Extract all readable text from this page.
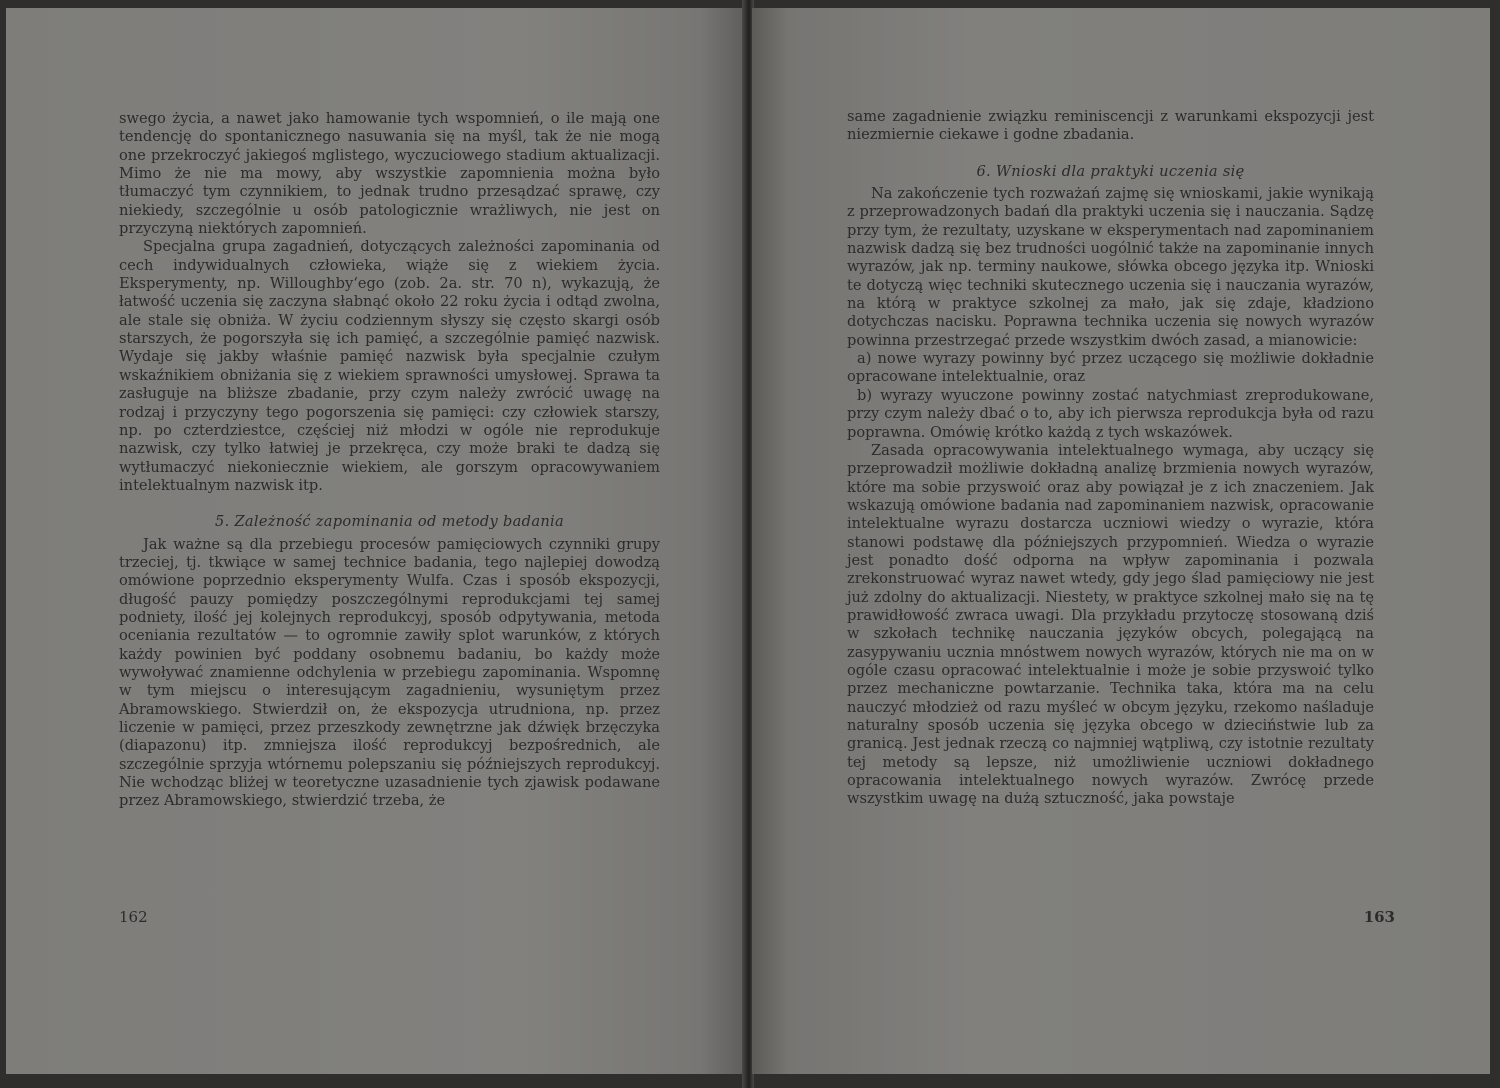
swego życia, a nawet jako hamowanie tych wspomnień, o ile mają one tendencję do spontanicznego nasuwania się na myśl, tak że nie mogą one przekroczyć jakiegoś mglistego, wyczuciowego stadium aktualizacji. Mimo że nie ma mowy, aby wszystkie zapomnienia można było tłumaczyć tym czynnikiem, to jednak trudno przesądzać sprawę, czy niekiedy, szczególnie u osób patologicznie wrażliwych, nie jest on przyczyną niektórych zapomnień.

Specjalna grupa zagadnień, dotyczących zależności zapominania od cech indywidualnych człowieka, wiąże się z wiekiem życia. Eksperymenty, np. Willoughby‘ego (zob. 2a. str. 70 n), wykazują, że łatwość uczenia się zaczyna słabnąć około 22 roku życia i odtąd zwolna, ale stale się obniża. W życiu codziennym słyszy się często skargi osób starszych, że pogorszyła się ich pamięć, a szczególnie pamięć nazwisk. Wydaje się jakby właśnie pamięć nazwisk była specjalnie czułym wskaźnikiem obniżania się z wiekiem sprawności umysłowej. Sprawa ta zasługuje na bliższe zbadanie, przy czym należy zwrócić uwagę na rodzaj i przyczyny tego pogorszenia się pamięci: czy człowiek starszy, np. po czterdziestce, częściej niż młodzi w ogóle nie reprodukuje nazwisk, czy tylko łatwiej je przekręca, czy może braki te dadzą się wytłumaczyć niekoniecznie wiekiem, ale gorszym opracowywaniem intelektualnym nazwisk itp.

5. Zależność zapominania od metody badania

Jak ważne są dla przebiegu procesów pamięciowych czynniki grupy trzeciej, tj. tkwiące w samej technice badania, tego najlepiej dowodzą omówione poprzednio eksperymenty Wulfa. Czas i sposób ekspozycji, długość pauzy pomiędzy poszczególnymi reprodukcjami tej samej podniety, ilość jej kolejnych reprodukcyj, sposób odpytywania, metoda oceniania rezultatów — to ogromnie zawiły splot warunków, z których każdy powinien być poddany osobnemu badaniu, bo każdy może wywoływać znamienne odchylenia w przebiegu zapominania. Wspomnę w tym miejscu o interesującym zagadnieniu, wysuniętym przez Abramowskiego. Stwierdził on, że ekspozycja utrudniona, np. przez liczenie w pamięci, przez przeszkody zewnętrzne jak dźwięk brzęczyka (diapazonu) itp. zmniejsza ilość reprodukcyj bezpośrednich, ale szczególnie sprzyja wtórnemu polepszaniu się późniejszych reprodukcyj. Nie wchodząc bliżej w teoretyczne uzasadnienie tych zjawisk podawane przez Abramowskiego, stwierdzić trzeba, że

162

same zagadnienie związku reminiscencji z warunkami ekspozycji jest niezmiernie ciekawe i godne zbadania.

6. Wnioski dla praktyki uczenia się

Na zakończenie tych rozważań zajmę się wnioskami, jakie wynikają z przeprowadzonych badań dla praktyki uczenia się i nauczania. Sądzę przy tym, że rezultaty, uzyskane w eksperymentach nad zapominaniem nazwisk dadzą się bez trudności uogólnić także na zapominanie innych wyrazów, jak np. terminy naukowe, słówka obcego języka itp. Wnioski te dotyczą więc techniki skutecznego uczenia się i nauczania wyrazów, na którą w praktyce szkolnej za mało, jak się zdaje, kładziono dotychczas nacisku. Poprawna technika uczenia się nowych wyrazów powinna przestrzegać przede wszystkim dwóch zasad, a mianowicie:

a) nowe wyrazy powinny być przez uczącego się możliwie dokładnie opracowane intelektualnie, oraz

b) wyrazy wyuczone powinny zostać natychmiast zreprodukowane, przy czym należy dbać o to, aby ich pierwsza reprodukcja była od razu poprawna. Omówię krótko każdą z tych wskazówek.

Zasada opracowywania intelektualnego wymaga, aby uczący się przeprowadził możliwie dokładną analizę brzmienia nowych wyrazów, które ma sobie przyswoić oraz aby powiązał je z ich znaczeniem. Jak wskazują omówione badania nad zapominaniem nazwisk, opracowanie intelektualne wyrazu dostarcza uczniowi wiedzy o wyrazie, która stanowi podstawę dla późniejszych przypomnień. Wiedza o wyrazie jest ponadto dość odporna na wpływ zapominania i pozwala zrekonstruować wyraz nawet wtedy, gdy jego ślad pamięciowy nie jest już zdolny do aktualizacji. Niestety, w praktyce szkolnej mało się na tę prawidłowość zwraca uwagi. Dla przykładu przytoczę stosowaną dziś w szkołach technikę nauczania języków obcych, polegającą na zasypywaniu ucznia mnóstwem nowych wyrazów, których nie ma on w ogóle czasu opracować intelektualnie i może je sobie przyswoić tylko przez mechaniczne powtarzanie. Technika taka, która ma na celu nauczyć młodzież od razu myśleć w obcym języku, rzekomo naśladuje naturalny sposób uczenia się języka obcego w dzieciństwie lub za granicą. Jest jednak rzeczą co najmniej wątpliwą, czy istotnie rezultaty tej metody są lepsze, niż umożliwienie uczniowi dokładnego opracowania intelektualnego nowych wyrazów. Zwrócę przede wszystkim uwagę na dużą sztuczność, jaka powstaje

163
